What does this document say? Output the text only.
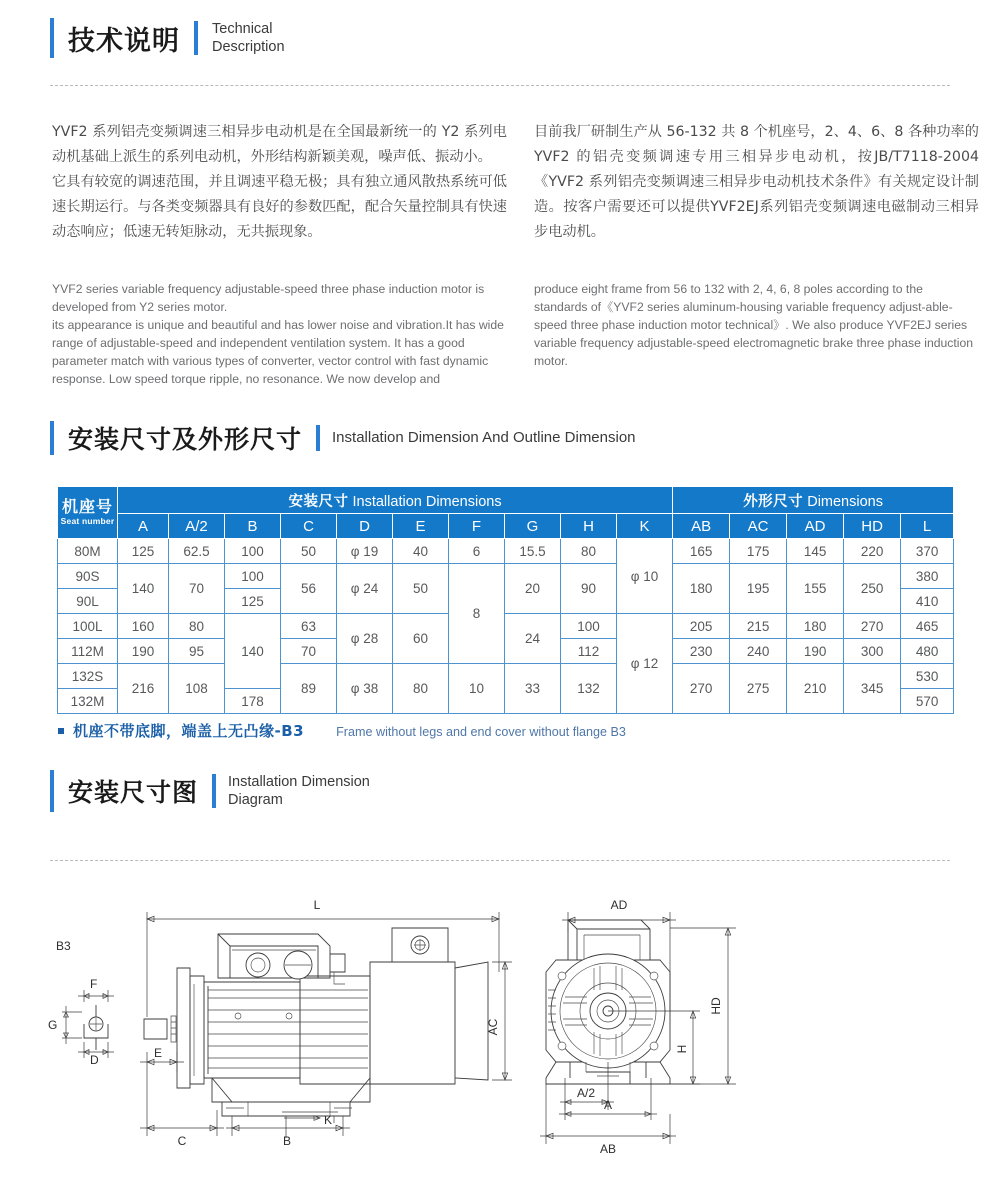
技术说明 Technical
Description
YVF2 系列铝壳变频调速三相异步电动机是在全国最新统一的 Y2 系列电动机基础上派生的系列电动机，外形结构新颖美观，噪声低、振动小。
它具有较宽的调速范围，并且调速平稳无极；具有独立通风散热系统可低速长期运行。与各类变频器具有良好的参数匹配，配合矢量控制具有快速动态响应；低速无转矩脉动，无共振现象。
目前我厂研制生产从 56-132 共 8 个机座号，2、4、6、8 各种功率的 YVF2 的铝壳变频调速专用三相异步电动机，按JB/T7118-2004《YVF2 系列铝壳变频调速三相异步电动机技术条件》有关规定设计制造。按客户需要还可以提供YVF2EJ系列铝壳变频调速电磁制动三相异步电动机。
YVF2 series variable frequency adjustable-speed three phase induction motor is developed from Y2 series motor.
its appearance is unique and beautiful and has lower noise and vibration.It has wide range of adjustable-speed and independent ventilation system. It has a good parameter match with various types of converter, vector control with fast dynamic response. Low speed torque ripple, no resonance. We now develop and
produce eight frame from 56 to 132 with 2, 4, 6, 8 poles according to the standards of《YVF2 series aluminum-housing variable frequency adjust-able-speed three phase induction motor technical》. We also produce YVF2EJ series variable frequency adjustable-speed electromagnetic brake three phase induction motor.
安装尺寸及外形尺寸 Installation Dimension And Outline Dimension
机座号
Seat number	安装尺寸 Installation Dimensions										外形尺寸 Dimensions				
	A	A/2	B	C	D	E	F	G	H	K	AB	AC	AD	HD	L
80M	125	62.5	100	50	φ 19	40	6	15.5	80	φ 10	165	175	145	220	370
90S	140	70	100	56	φ 24	50	8	20	90		180	195	155	250	380
90L			125												410
100L	160	80	140	63	φ 28	60		24	100	φ 12	205	215	180	270	465
112M	190	95		70					112		230	240	190	300	480
132S	216	108		89	φ 38	80	10	33	132		270	275	210	345	530
132M			178												570
机座不带底脚，端盖上无凸缘-B3	Frame without legs and end cover without flange B3
安装尺寸图 Installation Dimension
Diagram
B3
F
G
D
L
AC
E
C	B
K
AD
HD
H
A/2
A
AB
